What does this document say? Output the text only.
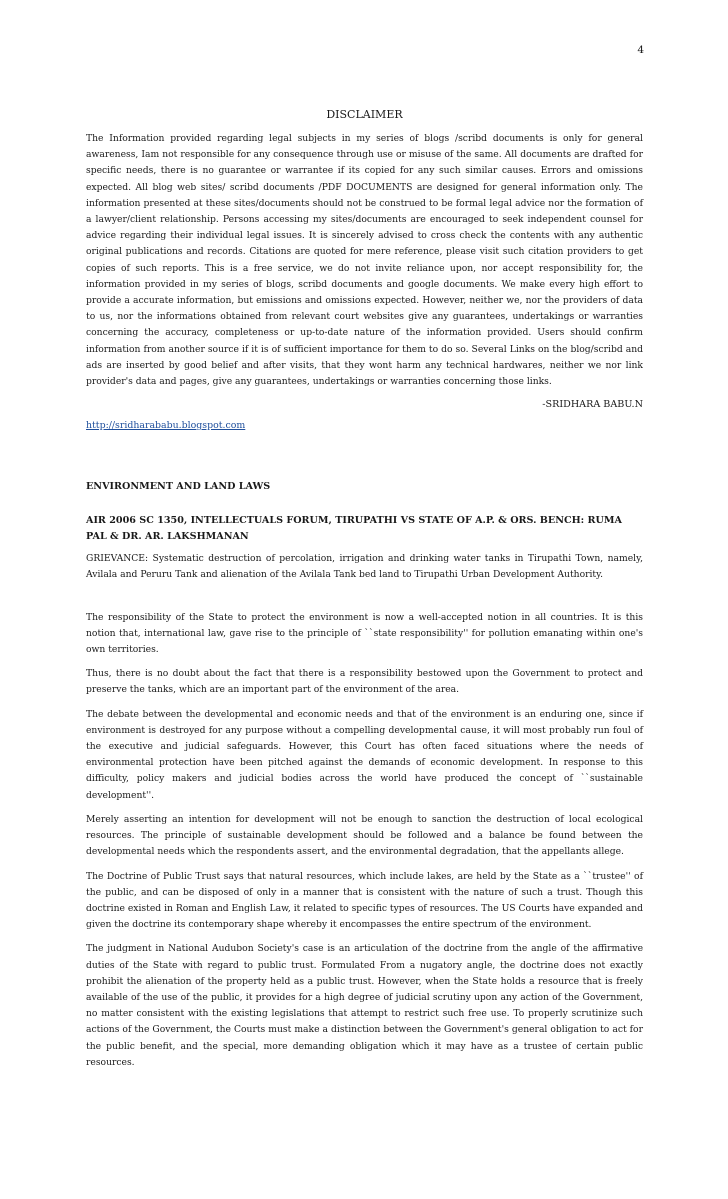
4

DISCLAIMER

The Information provided regarding legal subjects in my series of blogs /scribd documents is only for general awareness, Iam not responsible for any consequence through use or misuse of the same. All documents are drafted for specific needs, there is no guarantee or warrantee if its copied for any such similar causes. Errors and omissions expected. All blog web sites/ scribd documents /PDF DOCUMENTS are designed for general information only. The information presented at these sites/documents should not be construed to be formal legal advice nor the formation of a lawyer/client relationship. Persons accessing my sites/documents are encouraged to seek independent counsel for advice regarding their individual legal issues. It is sincerely advised to cross check the contents with any authentic original publications and records. Citations are quoted for mere reference, please visit such citation providers to get copies of such reports. This is a free service, we do not invite reliance upon, nor accept responsibility for, the information provided in my series of blogs, scribd documents and google documents. We make every high effort to provide a accurate information, but emissions and omissions expected. However, neither we, nor the providers of data to us, nor the informations obtained from relevant court websites give any guarantees, undertakings or warranties concerning the accuracy, completeness or up-to-date nature of the information provided. Users should confirm information from another source if it is of sufficient importance for them to do so. Several Links on the blog/scribd and ads are inserted by good belief and after visits, that they wont harm any technical hardwares, neither we nor link provider's data and pages, give any guarantees, undertakings or warranties concerning those links.

-SRIDHARA BABU.N

http://sridharababu.blogspot.com

ENVIRONMENT AND LAND LAWS

AIR 2006 SC 1350, INTELLECTUALS FORUM, TIRUPATHI VS STATE OF A.P. & ORS. BENCH: RUMA PAL & DR. AR. LAKSHMANAN

GRIEVANCE: Systematic destruction of percolation, irrigation and drinking water tanks in Tirupathi Town, namely, Avilala and Peruru Tank and alienation of the Avilala Tank bed land to Tirupathi Urban Development Authority.

The responsibility of the State to protect the environment is now a well-accepted notion in all countries. It is this notion that, international law, gave rise to the principle of ``state responsibility'' for pollution emanating within one's own territories.

Thus, there is no doubt about the fact that there is a responsibility bestowed upon the Government to protect and preserve the tanks, which are an important part of the environment of the area.

The debate between the developmental and economic needs and that of the environment is an enduring one, since if environment is destroyed for any purpose without a compelling developmental cause, it will most probably run foul of the executive and judicial safeguards. However, this Court has often faced situations where the needs of environmental protection have been pitched against the demands of economic development. In response to this difficulty, policy makers and judicial bodies across the world have produced the concept of ``sustainable development''.

Merely asserting an intention for development will not be enough to sanction the destruction of local ecological resources. The principle of sustainable development should be followed and a balance be found between the developmental needs which the respondents assert, and the environmental degradation, that the appellants allege.

The Doctrine of Public Trust says that natural resources, which include lakes, are held by the State as a ``trustee'' of the public, and can be disposed of only in a manner that is consistent with the nature of such a trust. Though this doctrine existed in Roman and English Law, it related to specific types of resources. The US Courts have expanded and given the doctrine its contemporary shape whereby it encompasses the entire spectrum of the environment.

The judgment in National Audubon Society's case is an articulation of the doctrine from the angle of the affirmative duties of the State with regard to public trust. Formulated From a nugatory angle, the doctrine does not exactly prohibit the alienation of the property held as a public trust. However, when the State holds a resource that is freely available of the use of the public, it provides for a high degree of judicial scrutiny upon any action of the Government, no matter consistent with the existing legislations that attempt to restrict such free use. To properly scrutinize such actions of the Government, the Courts must make a distinction between the Government's general obligation to act for the public benefit, and the special, more demanding obligation which it may have as a trustee of certain public resources.
